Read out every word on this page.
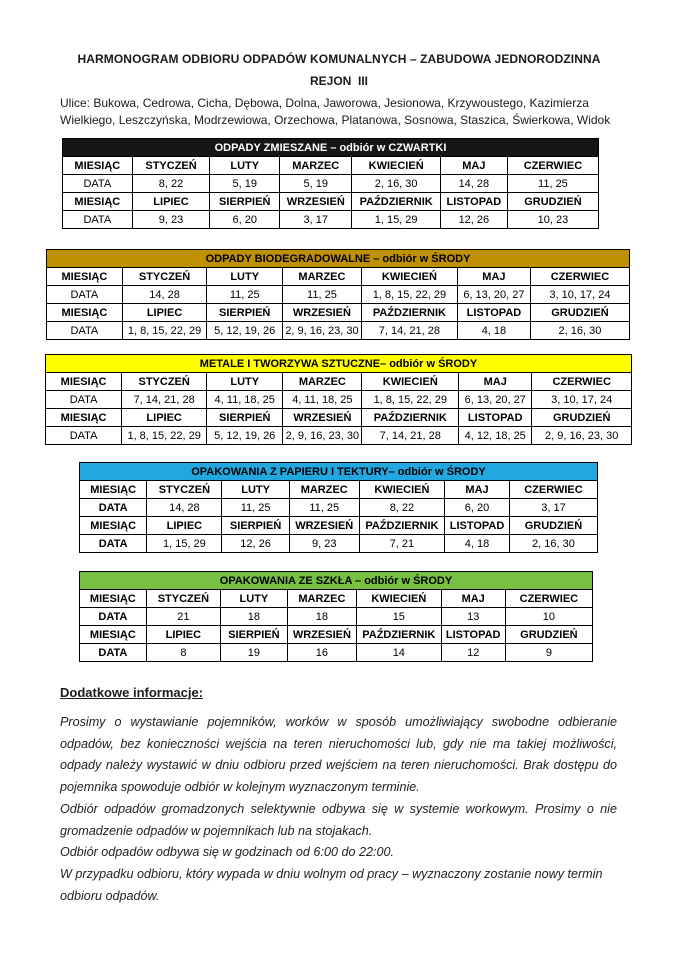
HARMONOGRAM ODBIORU ODPADÓW KOMUNALNYCH – ZABUDOWA JEDNORODZINNA

REJON  III

Ulice: Bukowa, Cedrowa, Cicha, Dębowa, Dolna, Jaworowa, Jesionowa, Krzywoustego, Kazimierza Wielkiego, Leszczyńska, Modrzewiowa, Orzechowa, Platanowa, Sosnowa, Staszica, Świerkowa, Widok

ODPADY ZMIESZANE – odbiór w CZWARTKI						
MIESIĄC	STYCZEŃ	LUTY	MARZEC	KWIECIEŃ	MAJ	CZERWIEC
DATA	8, 22	5, 19	5, 19	2, 16, 30	14, 28	11, 25
MIESIĄC	LIPIEC	SIERPIEŃ	WRZESIEŃ	PAŹDZIERNIK	LISTOPAD	GRUDZIEŃ
DATA	9, 23	6, 20	3, 17	1, 15, 29	12, 26	10, 23
ODPADY BIODEGRADOWALNE – odbiór w ŚRODY						
MIESIĄC	STYCZEŃ	LUTY	MARZEC	KWIECIEŃ	MAJ	CZERWIEC
DATA	14, 28	11, 25	11, 25	1, 8, 15, 22, 29	6, 13, 20, 27	3, 10, 17, 24
MIESIĄC	LIPIEC	SIERPIEŃ	WRZESIEŃ	PAŹDZIERNIK	LISTOPAD	GRUDZIEŃ
DATA	1, 8, 15, 22, 29	5, 12, 19, 26	2, 9, 16, 23, 30	7, 14, 21, 28	4, 18	2, 16, 30
METALE I TWORZYWA SZTUCZNE– odbiór w ŚRODY						
MIESIĄC	STYCZEŃ	LUTY	MARZEC	KWIECIEŃ	MAJ	CZERWIEC
DATA	7, 14, 21, 28	4, 11, 18, 25	4, 11, 18, 25	1, 8, 15, 22, 29	6, 13, 20, 27	3, 10, 17, 24
MIESIĄC	LIPIEC	SIERPIEŃ	WRZESIEŃ	PAŹDZIERNIK	LISTOPAD	GRUDZIEŃ
DATA	1, 8, 15, 22, 29	5, 12, 19, 26	2, 9, 16, 23, 30	7, 14, 21, 28	4, 12, 18, 25	2, 9, 16, 23, 30
OPAKOWANIA Z PAPIERU I TEKTURY– odbiór w ŚRODY						
MIESIĄC	STYCZEŃ	LUTY	MARZEC	KWIECIEŃ	MAJ	CZERWIEC
DATA	14, 28	11, 25	11, 25	8, 22	6, 20	3, 17
MIESIĄC	LIPIEC	SIERPIEŃ	WRZESIEŃ	PAŹDZIERNIK	LISTOPAD	GRUDZIEŃ
DATA	1, 15, 29	12, 26	9, 23	7, 21	4, 18	2, 16, 30
OPAKOWANIA ZE SZKŁA – odbiór w ŚRODY						
MIESIĄC	STYCZEŃ	LUTY	MARZEC	KWIECIEŃ	MAJ	CZERWIEC
DATA	21	18	18	15	13	10
MIESIĄC	LIPIEC	SIERPIEŃ	WRZESIEŃ	PAŹDZIERNIK	LISTOPAD	GRUDZIEŃ
DATA	8	19	16	14	12	9

Dodatkowe informacje:

Prosimy o wystawianie pojemników, worków w sposób umożliwiający swobodne odbieranie odpadów, bez konieczności wejścia na teren nieruchomości lub, gdy nie ma takiej możliwości, odpady należy wystawić w dniu odbioru przed wejściem na teren nieruchomości. Brak dostępu do pojemnika spowoduje odbiór w kolejnym wyznaczonym terminie.

Odbiór odpadów gromadzonych selektywnie odbywa się w systemie workowym. Prosimy o nie gromadzenie odpadów w pojemnikach lub na stojakach.

Odbiór odpadów odbywa się w godzinach od 6:00 do 22:00.

W przypadku odbioru, który wypada w dniu wolnym od pracy – wyznaczony zostanie nowy termin odbioru odpadów.
